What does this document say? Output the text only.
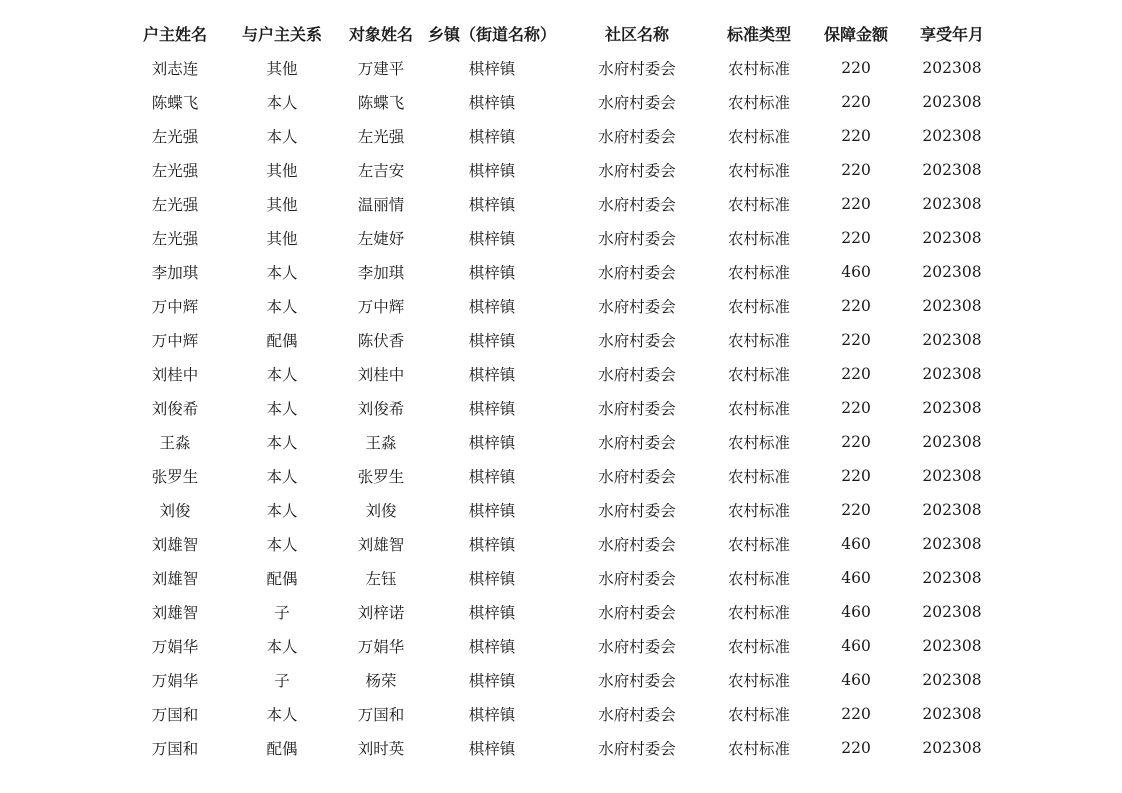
户主姓名	与户主关系	对象姓名	乡镇（街道名称）	社区名称	标准类型	保障金额	享受年月
刘志连	其他	万建平	棋梓镇	水府村委会	农村标准	220	202308
陈蝶飞	本人	陈蝶飞	棋梓镇	水府村委会	农村标准	220	202308
左光强	本人	左光强	棋梓镇	水府村委会	农村标准	220	202308
左光强	其他	左吉安	棋梓镇	水府村委会	农村标准	220	202308
左光强	其他	温丽情	棋梓镇	水府村委会	农村标准	220	202308
左光强	其他	左婕妤	棋梓镇	水府村委会	农村标准	220	202308
李加琪	本人	李加琪	棋梓镇	水府村委会	农村标准	460	202308
万中辉	本人	万中辉	棋梓镇	水府村委会	农村标准	220	202308
万中辉	配偶	陈伏香	棋梓镇	水府村委会	农村标准	220	202308
刘桂中	本人	刘桂中	棋梓镇	水府村委会	农村标准	220	202308
刘俊希	本人	刘俊希	棋梓镇	水府村委会	农村标准	220	202308
王淼	本人	王淼	棋梓镇	水府村委会	农村标准	220	202308
张罗生	本人	张罗生	棋梓镇	水府村委会	农村标准	220	202308
刘俊	本人	刘俊	棋梓镇	水府村委会	农村标准	220	202308
刘雄智	本人	刘雄智	棋梓镇	水府村委会	农村标准	460	202308
刘雄智	配偶	左钰	棋梓镇	水府村委会	农村标准	460	202308
刘雄智	子	刘梓诺	棋梓镇	水府村委会	农村标准	460	202308
万娟华	本人	万娟华	棋梓镇	水府村委会	农村标准	460	202308
万娟华	子	杨荣	棋梓镇	水府村委会	农村标准	460	202308
万国和	本人	万国和	棋梓镇	水府村委会	农村标准	220	202308
万国和	配偶	刘时英	棋梓镇	水府村委会	农村标准	220	202308
